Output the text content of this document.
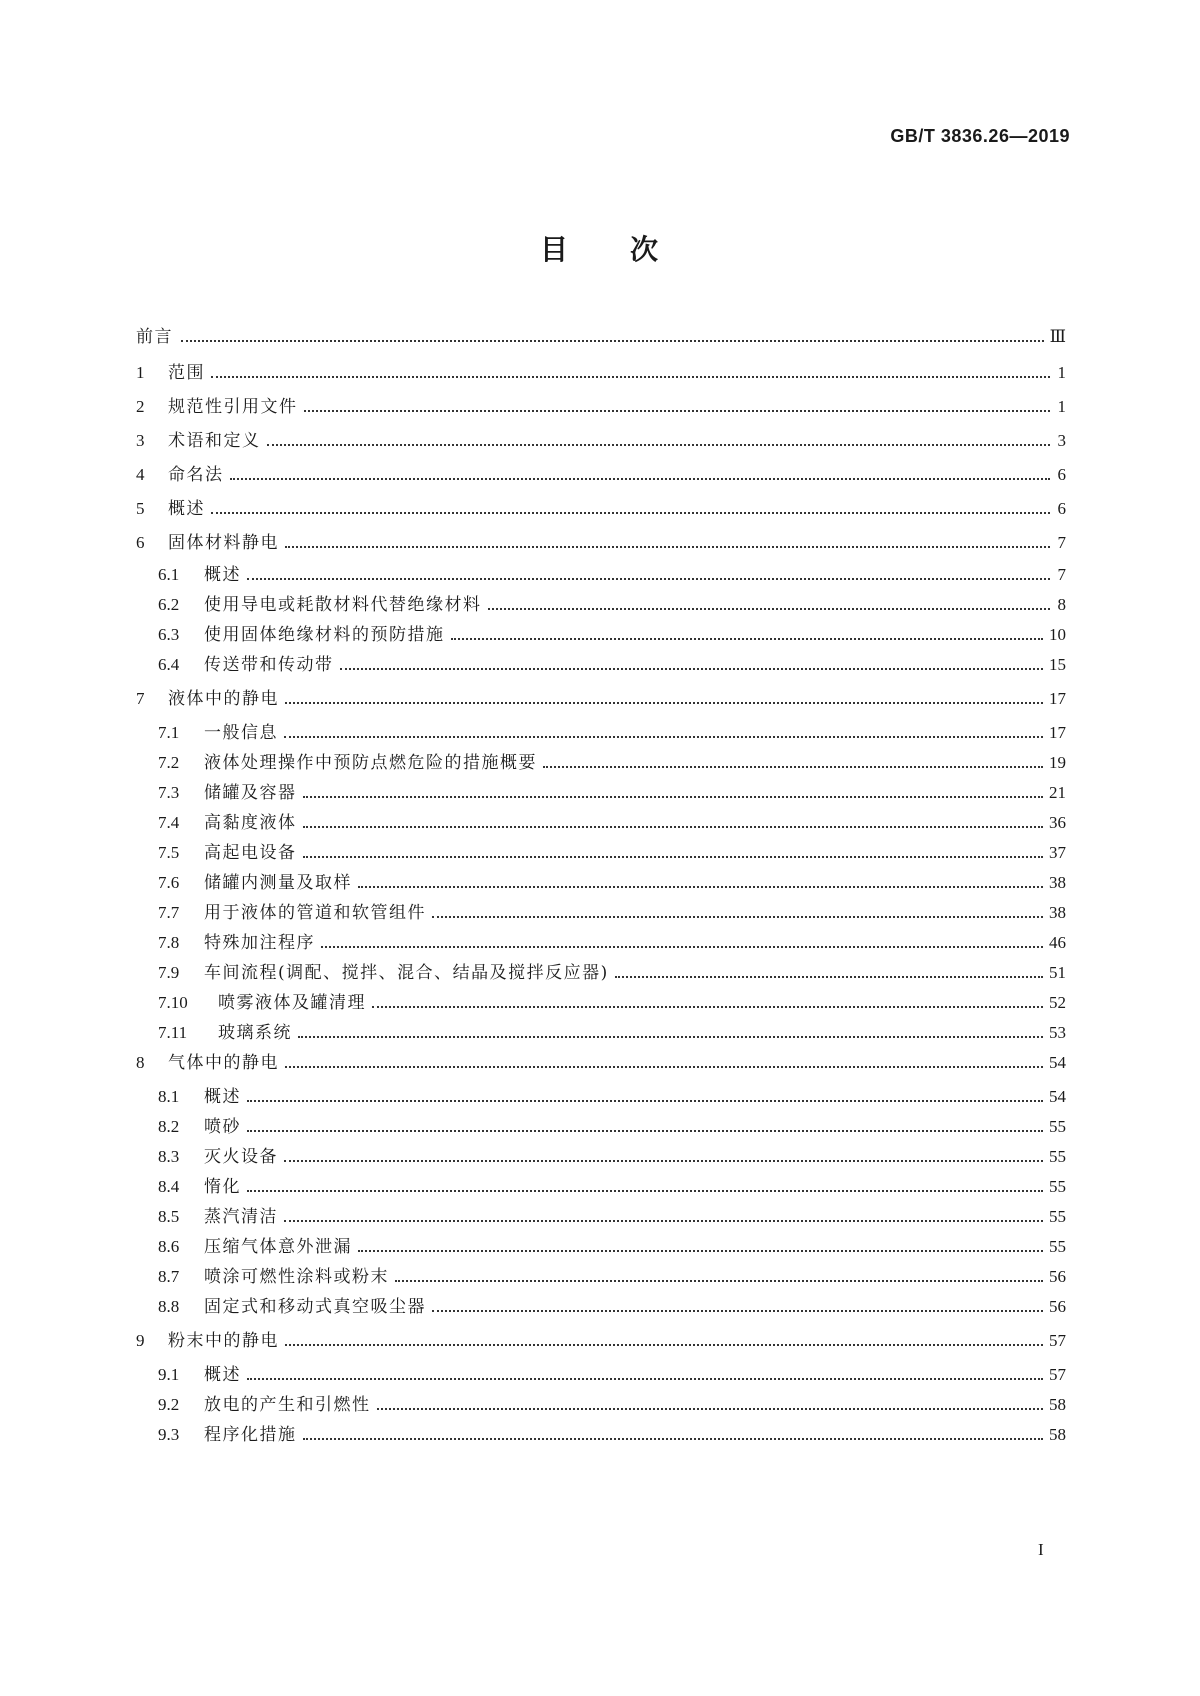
GB/T 3836.26—2019
目　　次
前言	Ⅲ
1	范围	1
2	规范性引用文件	1
3	术语和定义	3
4	命名法	6
5	概述	6
6	固体材料静电	7
6.1	概述	7
6.2	使用导电或耗散材料代替绝缘材料	8
6.3	使用固体绝缘材料的预防措施	10
6.4	传送带和传动带	15
7	液体中的静电	17
7.1	一般信息	17
7.2	液体处理操作中预防点燃危险的措施概要	19
7.3	储罐及容器	21
7.4	高黏度液体	36
7.5	高起电设备	37
7.6	储罐内测量及取样	38
7.7	用于液体的管道和软管组件	38
7.8	特殊加注程序	46
7.9	车间流程(调配、搅拌、混合、结晶及搅拌反应器)	51
7.10	喷雾液体及罐清理	52
7.11	玻璃系统	53
8	气体中的静电	54
8.1	概述	54
8.2	喷砂	55
8.3	灭火设备	55
8.4	惰化	55
8.5	蒸汽清洁	55
8.6	压缩气体意外泄漏	55
8.7	喷涂可燃性涂料或粉末	56
8.8	固定式和移动式真空吸尘器	56
9	粉末中的静电	57
9.1	概述	57
9.2	放电的产生和引燃性	58
9.3	程序化措施	58
I
